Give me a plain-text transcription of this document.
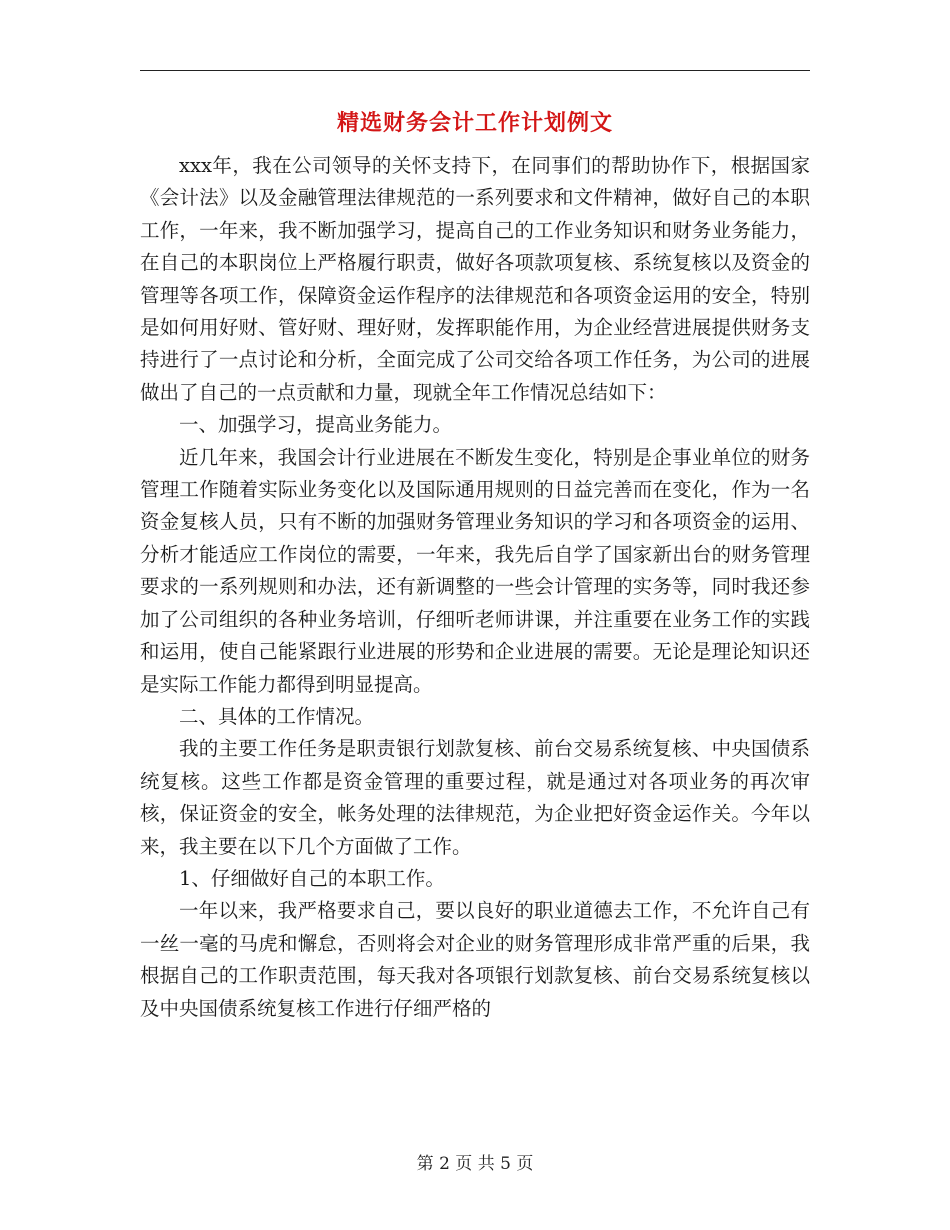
精选财务会计工作计划例文

xxx年，我在公司领导的关怀支持下，在同事们的帮助协作下，根据国家《会计法》以及金融管理法律规范的一系列要求和文件精神，做好自己的本职工作，一年来，我不断加强学习，提高自己的工作业务知识和财务业务能力，在自己的本职岗位上严格履行职责，做好各项款项复核、系统复核以及资金的管理等各项工作，保障资金运作程序的法律规范和各项资金运用的安全，特别是如何用好财、管好财、理好财，发挥职能作用，为企业经营进展提供财务支持进行了一点讨论和分析，全面完成了公司交给各项工作任务，为公司的进展做出了自己的一点贡献和力量，现就全年工作情况总结如下：

一、加强学习，提高业务能力。

近几年来，我国会计行业进展在不断发生变化，特别是企事业单位的财务管理工作随着实际业务变化以及国际通用规则的日益完善而在变化，作为一名资金复核人员，只有不断的加强财务管理业务知识的学习和各项资金的运用、分析才能适应工作岗位的需要，一年来，我先后自学了国家新出台的财务管理要求的一系列规则和办法，还有新调整的一些会计管理的实务等，同时我还参加了公司组织的各种业务培训，仔细听老师讲课，并注重要在业务工作的实践和运用，使自己能紧跟行业进展的形势和企业进展的需要。无论是理论知识还是实际工作能力都得到明显提高。

二、具体的工作情况。

我的主要工作任务是职责银行划款复核、前台交易系统复核、中央国债系统复核。这些工作都是资金管理的重要过程，就是通过对各项业务的再次审核，保证资金的安全，帐务处理的法律规范，为企业把好资金运作关。今年以来，我主要在以下几个方面做了工作。

1、仔细做好自己的本职工作。

一年以来，我严格要求自己，要以良好的职业道德去工作，不允许自己有一丝一毫的马虎和懈怠，否则将会对企业的财务管理形成非常严重的后果，我根据自己的工作职责范围，每天我对各项银行划款复核、前台交易系统复核以及中央国债系统复核工作进行仔细严格的

第 2 页 共 5 页
